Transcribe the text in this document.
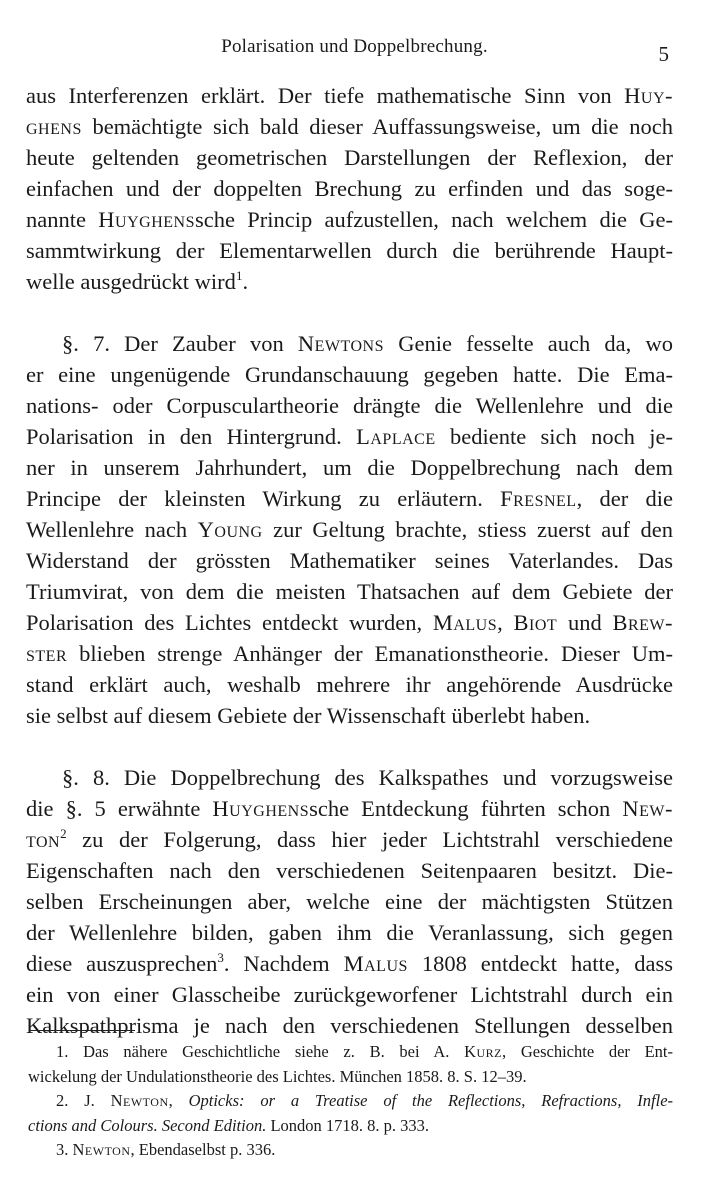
Polarisation und Doppelbrechung.	5

aus Interferenzen erklärt. Der tiefe mathematische Sinn von Huy-

ghens bemächtigte sich bald dieser Auffassungsweise, um die noch

heute geltenden geometrischen Darstellungen der Reflexion, der

einfachen und der doppelten Brechung zu erfinden und das soge-

nannte Huyghenssche Princip aufzustellen, nach welchem die Ge-

sammtwirkung der Elementarwellen durch die berührende Haupt-

welle ausgedrückt wird$^1$.

§. 7. Der Zauber von Newtons Genie fesselte auch da, wo

er eine ungenügende Grundanschauung gegeben hatte. Die Ema-

nations- oder Corpusculartheorie drängte die Wellenlehre und die

Polarisation in den Hintergrund. Laplace bediente sich noch je-

ner in unserem Jahrhundert, um die Doppelbrechung nach dem

Principe der kleinsten Wirkung zu erläutern. Fresnel, der die

Wellenlehre nach Young zur Geltung brachte, stiess zuerst auf den

Widerstand der grössten Mathematiker seines Vaterlandes. Das

Triumvirat, von dem die meisten Thatsachen auf dem Gebiete der

Polarisation des Lichtes entdeckt wurden, Malus, Biot und Brew-

ster blieben strenge Anhänger der Emanationstheorie. Dieser Um-

stand erklärt auch, weshalb mehrere ihr angehörende Ausdrücke

sie selbst auf diesem Gebiete der Wissenschaft überlebt haben.

§. 8. Die Doppelbrechung des Kalkspathes und vorzugsweise

die §. 5 erwähnte Huyghenssche Entdeckung führten schon New-

ton$^2$ zu der Folgerung, dass hier jeder Lichtstrahl verschiedene

Eigenschaften nach den verschiedenen Seitenpaaren besitzt. Die-

selben Erscheinungen aber, welche eine der mächtigsten Stützen

der Wellenlehre bilden, gaben ihm die Veranlassung, sich gegen

diese auszusprechen$^3$. Nachdem Malus 1808 entdeckt hatte, dass

ein von einer Glasscheibe zurückgeworfener Lichtstrahl durch ein

Kalkspathprisma je nach den verschiedenen Stellungen desselben

1. Das nähere Geschichtliche siehe z. B. bei A. Kurz, Geschichte der Ent-

wickelung der Undulationstheorie des Lichtes. München 1858. 8. S. 12–39.

2. J. Newton, Opticks: or a Treatise of the Reflections, Refractions, Infle-

ctions and Colours. Second Edition. London 1718. 8. p. 333.

3. Newton, Ebendaselbst p. 336.
